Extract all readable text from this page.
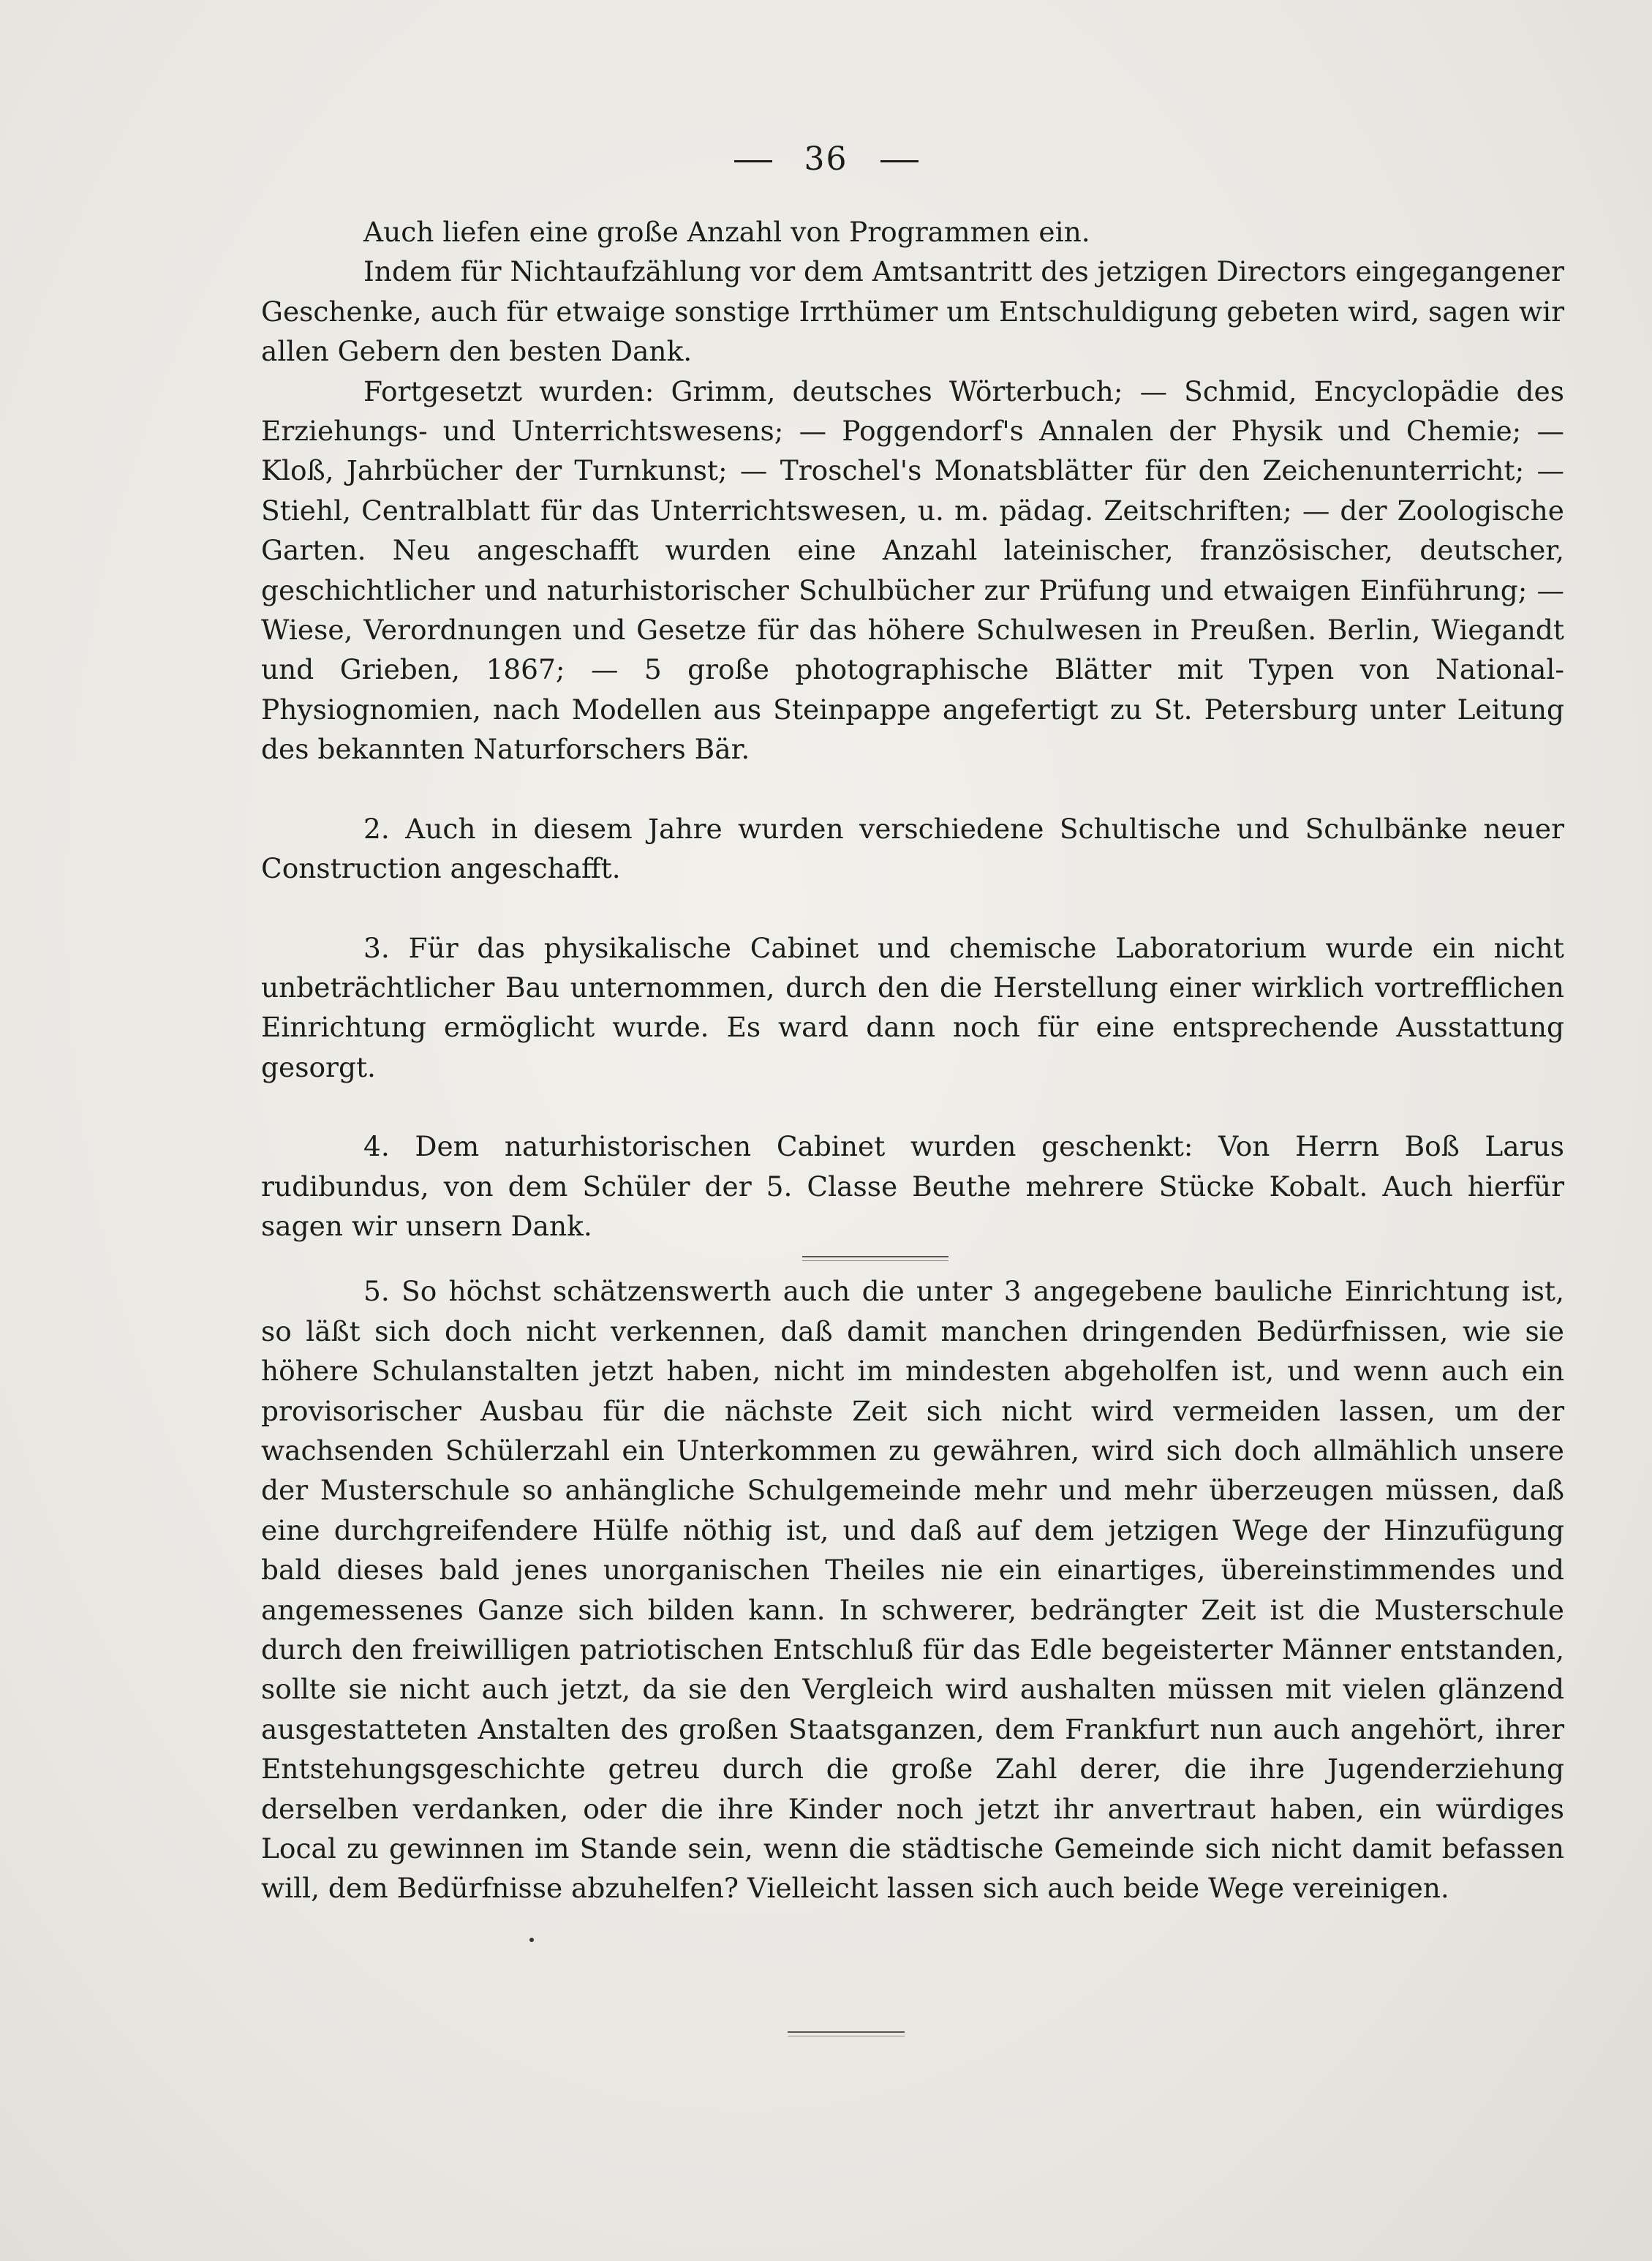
36

Auch liefen eine große Anzahl von Programmen ein.

Indem für Nichtaufzählung vor dem Amtsantritt des jetzigen Directors eingegangener Geschenke, auch für etwaige sonstige Irrthümer um Entschuldigung gebeten wird, sagen wir allen Gebern den besten Dank.

Fortgesetzt wurden: Grimm, deutsches Wörterbuch; — Schmid, Encyclopädie des Erziehungs- und Unterrichtswesens; — Poggendorf's Annalen der Physik und Chemie; — Kloß, Jahrbücher der Turnkunst; — Troschel's Monatsblätter für den Zeichenunterricht; — Stiehl, Centralblatt für das Unterrichtswesen, u. m. pädag. Zeitschriften; — der Zoologische Garten. Neu angeschafft wurden eine Anzahl lateinischer, französischer, deutscher, geschichtlicher und naturhistorischer Schulbücher zur Prüfung und etwaigen Einführung; — Wiese, Verordnungen und Gesetze für das höhere Schulwesen in Preußen. Berlin, Wiegandt und Grieben, 1867; — 5 große photographische Blätter mit Typen von National-Physiognomien, nach Modellen aus Steinpappe angefertigt zu St. Petersburg unter Leitung des bekannten Naturforschers Bär.

2. Auch in diesem Jahre wurden verschiedene Schultische und Schulbänke neuer Construction angeschafft.

3. Für das physikalische Cabinet und chemische Laboratorium wurde ein nicht unbeträchtlicher Bau unternommen, durch den die Herstellung einer wirklich vortrefflichen Einrichtung ermöglicht wurde. Es ward dann noch für eine entsprechende Ausstattung gesorgt.

4. Dem naturhistorischen Cabinet wurden geschenkt: Von Herrn Boß Larus rudibundus, von dem Schüler der 5. Classe Beuthe mehrere Stücke Kobalt. Auch hierfür sagen wir unsern Dank.

5. So höchst schätzenswerth auch die unter 3 angegebene bauliche Einrichtung ist, so läßt sich doch nicht verkennen, daß damit manchen dringenden Bedürfnissen, wie sie höhere Schulanstalten jetzt haben, nicht im mindesten abgeholfen ist, und wenn auch ein provisorischer Ausbau für die nächste Zeit sich nicht wird vermeiden lassen, um der wachsenden Schülerzahl ein Unterkommen zu gewähren, wird sich doch allmählich unsere der Musterschule so anhängliche Schulgemeinde mehr und mehr überzeugen müssen, daß eine durchgreifendere Hülfe nöthig ist, und daß auf dem jetzigen Wege der Hinzufügung bald dieses bald jenes unorganischen Theiles nie ein einartiges, übereinstimmendes und angemessenes Ganze sich bilden kann. In schwerer, bedrängter Zeit ist die Musterschule durch den freiwilligen patriotischen Entschluß für das Edle begeisterter Männer entstanden, sollte sie nicht auch jetzt, da sie den Vergleich wird aushalten müssen mit vielen glänzend ausgestatteten Anstalten des großen Staatsganzen, dem Frankfurt nun auch angehört, ihrer Entstehungsgeschichte getreu durch die große Zahl derer, die ihre Jugenderziehung derselben verdanken, oder die ihre Kinder noch jetzt ihr anvertraut haben, ein würdiges Local zu gewinnen im Stande sein, wenn die städtische Gemeinde sich nicht damit befassen will, dem Bedürfnisse abzuhelfen? Vielleicht lassen sich auch beide Wege vereinigen.
